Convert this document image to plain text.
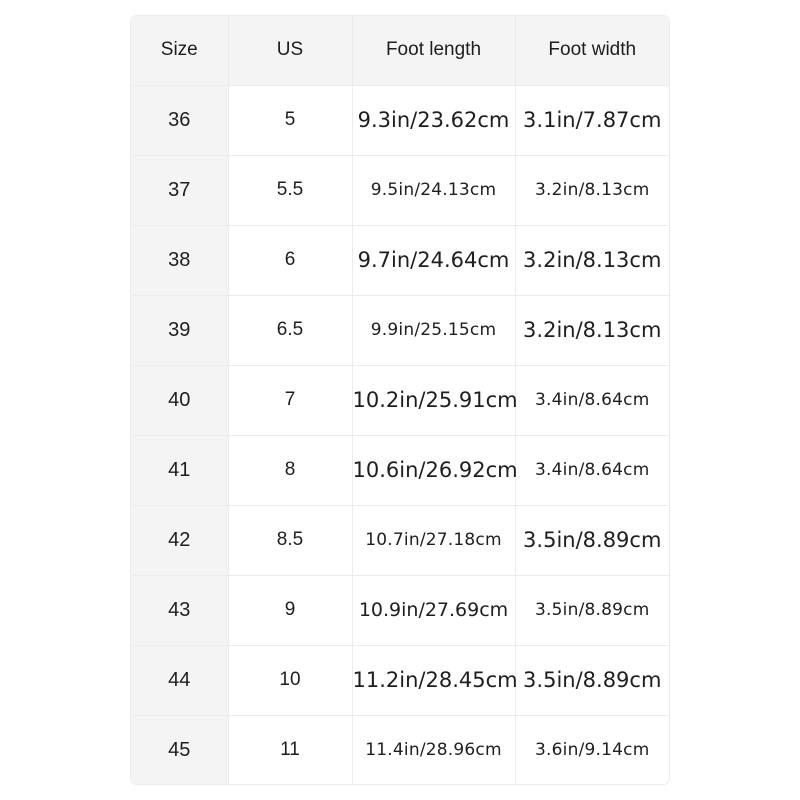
Size	US	Foot length	Foot width
36	5	9.3in/23.62cm	3.1in/7.87cm
37	5.5	9.5in/24.13cm	3.2in/8.13cm
38	6	9.7in/24.64cm	3.2in/8.13cm
39	6.5	9.9in/25.15cm	3.2in/8.13cm
40	7	10.2in/25.91cm	3.4in/8.64cm
41	8	10.6in/26.92cm	3.4in/8.64cm
42	8.5	10.7in/27.18cm	3.5in/8.89cm
43	9	10.9in/27.69cm	3.5in/8.89cm
44	10	11.2in/28.45cm	3.5in/8.89cm
45	11	11.4in/28.96cm	3.6in/9.14cm
